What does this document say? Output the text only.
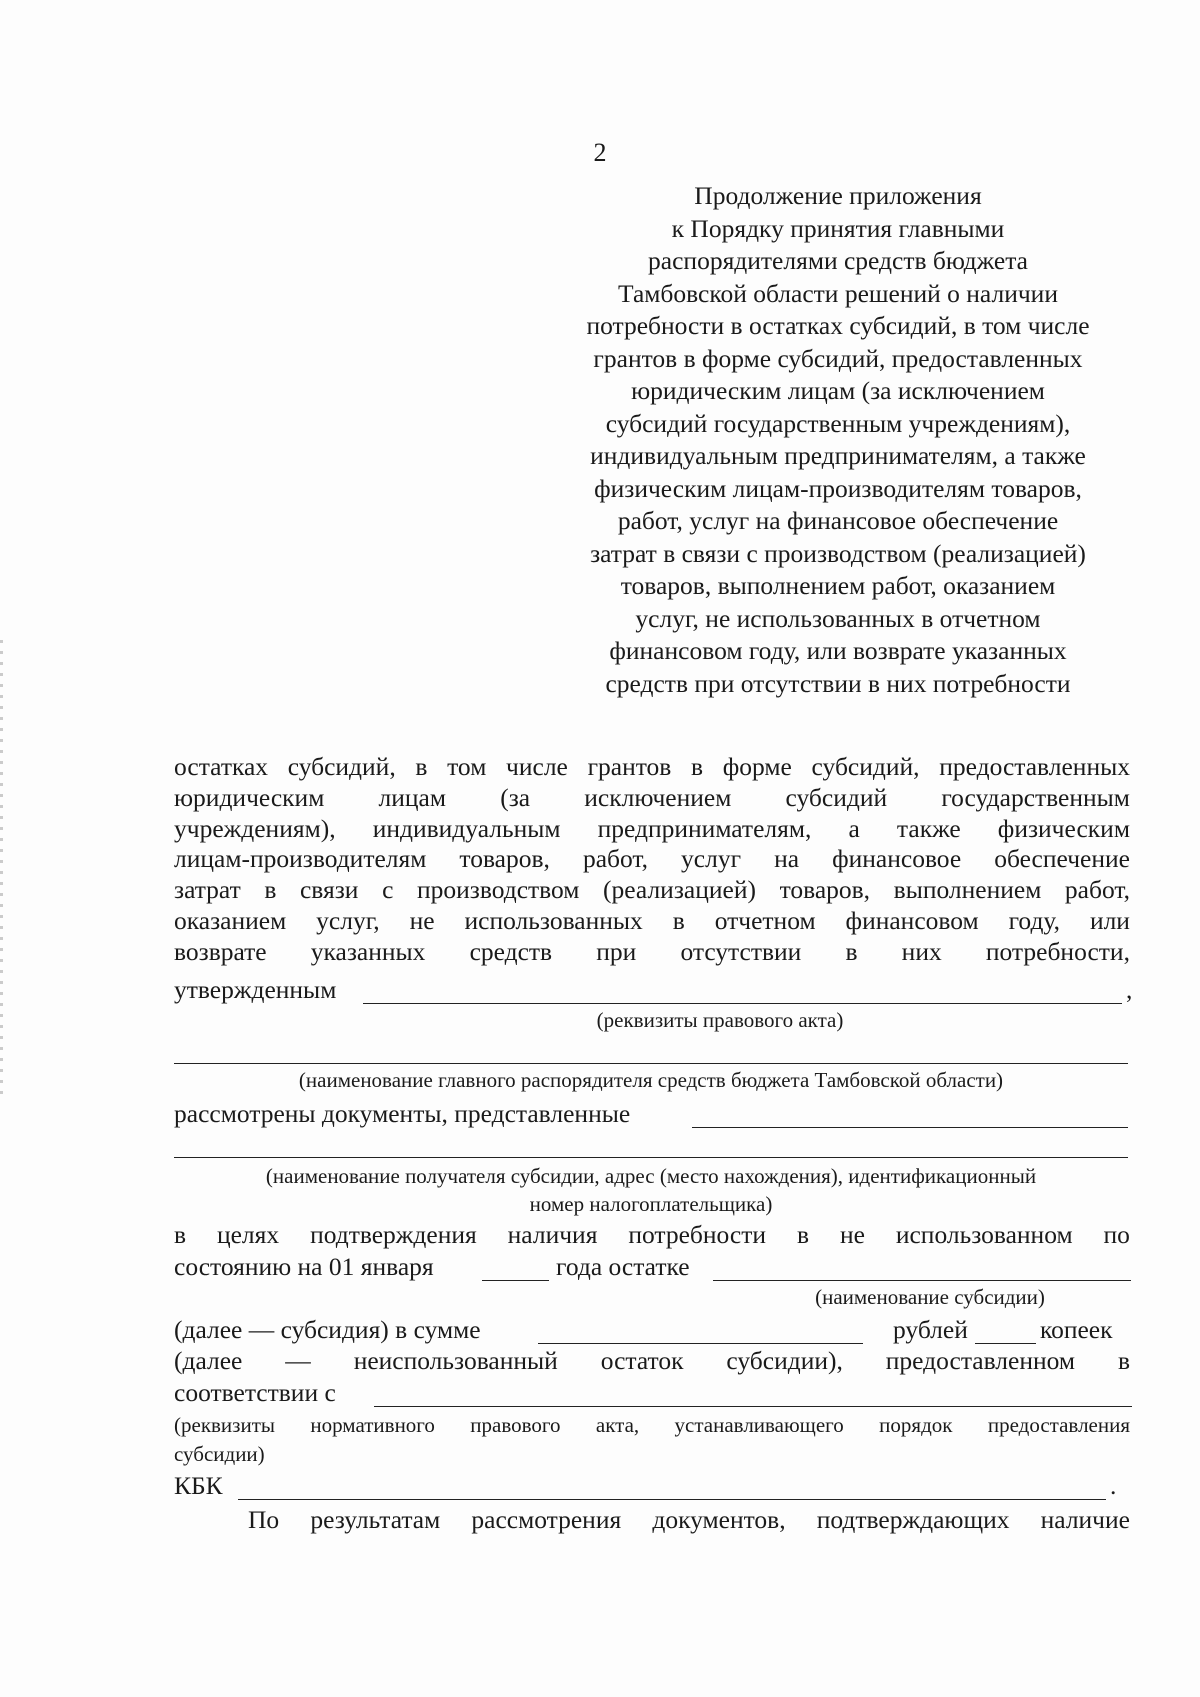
2
Продолжение приложения
к Порядку принятия главными
распорядителями средств бюджета
Тамбовской области решений о наличии
потребности в остатках субсидий, в том числе
грантов в форме субсидий, предоставленных
юридическим лицам (за исключением
субсидий государственным учреждениям),
индивидуальным предпринимателям, а также
физическим лицам-производителям товаров,
работ, услуг на финансовое обеспечение
затрат в связи с производством (реализацией)
товаров, выполнением работ, оказанием
услуг, не использованных в отчетном
финансовом году, или возврате указанных
средств при отсутствии в них потребности
остатках субсидий, в том числе грантов в форме субсидий, предоставленных
юридическим лицам (за исключением субсидий государственным
учреждениям), индивидуальным предпринимателям, а также физическим
лицам-производителям товаров, работ, услуг на финансовое обеспечение
затрат в связи с производством (реализацией) товаров, выполнением работ,
оказанием услуг, не использованных в отчетном финансовом году, или
возврате указанных средств при отсутствии в них потребности,
утвержденным	,
(реквизиты правового акта)
(наименование главного распорядителя средств бюджета Тамбовской области)
рассмотрены документы, представленные
(наименование получателя субсидии, адрес (место нахождения), идентификационный
номер налогоплательщика)
в целях подтверждения наличия потребности в не использованном по
состоянию на 01 января	года остатке
(наименование субсидии)
(далее — субсидия) в сумме	рублей	копеек
(далее — неиспользованный остаток субсидии), предоставленном в
соответствии с
(реквизиты нормативного правового акта, устанавливающего порядок предоставления
субсидии)
КБК	.
По результатам рассмотрения документов, подтверждающих наличие
